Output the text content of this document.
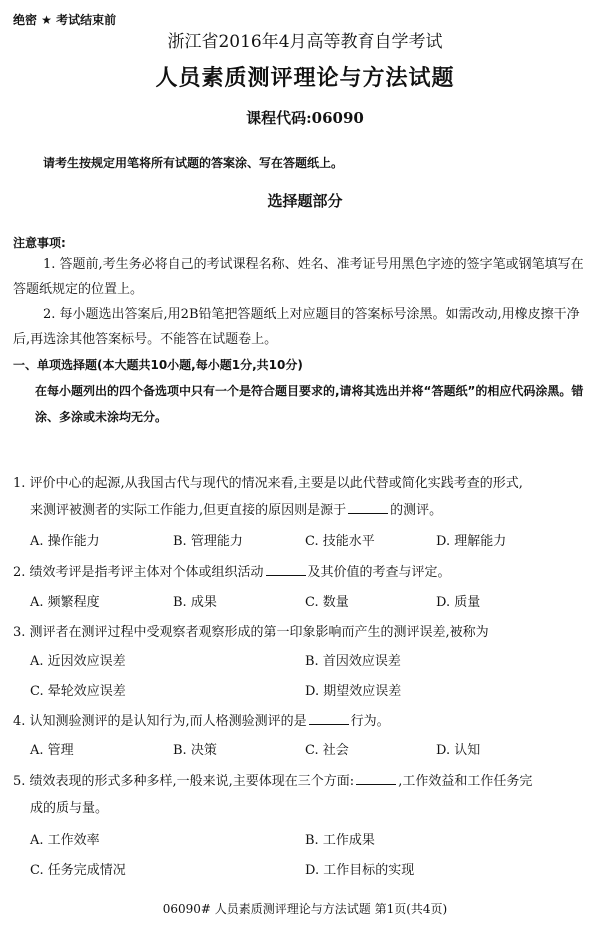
绝密 ★ 考试结束前
浙江省2016年4月高等教育自学考试
人员素质测评理论与方法试题
课程代码:06090
请考生按规定用笔将所有试题的答案涂、写在答题纸上。
选择题部分
注意事项:
1. 答题前,考生务必将自己的考试课程名称、姓名、准考证号用黑色字迹的签字笔或钢笔填写在答题纸规定的位置上。
2. 每小题选出答案后,用2B铅笔把答题纸上对应题目的答案标号涂黑。如需改动,用橡皮擦干净后,再选涂其他答案标号。不能答在试题卷上。
一、单项选择题(本大题共10小题,每小题1分,共10分)
在每小题列出的四个备选项中只有一个是符合题目要求的,请将其选出并将“答题纸”的相应代码涂黑。错涂、多涂或未涂均无分。
1. 评价中心的起源,从我国古代与现代的情况来看,主要是以此代替或简化实践考查的形式,
来测评被测者的实际工作能力,但更直接的原因则是源于	的测评。
A. 操作能力	B. 管理能力	C. 技能水平	D. 理解能力
2. 绩效考评是指考评主体对个体或组织活动	及其价值的考查与评定。
A. 频繁程度	B. 成果	C. 数量	D. 质量
3. 测评者在测评过程中受观察者观察形成的第一印象影响而产生的测评误差,被称为
A. 近因效应误差	B. 首因效应误差
C. 晕轮效应误差	D. 期望效应误差
4. 认知测验测评的是认知行为,而人格测验测评的是	行为。
A. 管理	B. 决策	C. 社会	D. 认知
5. 绩效表现的形式多种多样,一般来说,主要体现在三个方面:	,工作效益和工作任务完
成的质与量。
A. 工作效率	B. 工作成果
C. 任务完成情况	D. 工作目标的实现
06090# 人员素质测评理论与方法试题 第1页(共4页)
